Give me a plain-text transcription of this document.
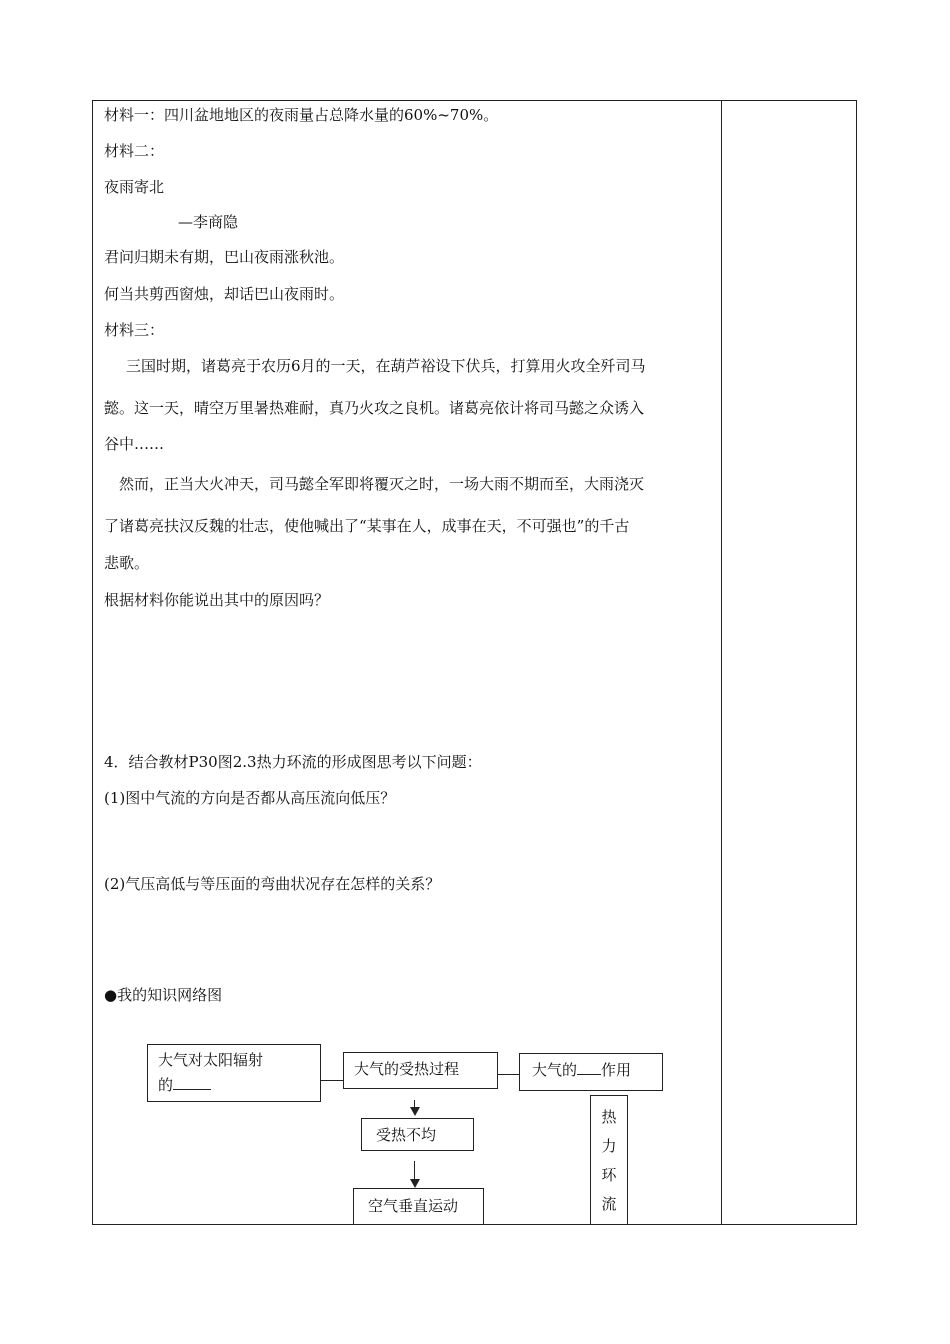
材料一：四川盆地地区的夜雨量占总降水量的60%~70%。
材料二：
夜雨寄北
—李商隐
君问归期未有期，巴山夜雨涨秋池。
何当共剪西窗烛，却话巴山夜雨时。
材料三：
三国时期，诸葛亮于农历6月的一天，在葫芦裕设下伏兵，打算用火攻全歼司马
懿。这一天，晴空万里暑热难耐，真乃火攻之良机。诸葛亮依计将司马懿之众诱入
谷中……
然而，正当大火冲天，司马懿全军即将覆灭之时，一场大雨不期而至，大雨浇灭
了诸葛亮扶汉反魏的壮志，使他喊出了“某事在人，成事在天，不可强也”的千古
悲歌。
根据材料你能说出其中的原因吗？
4．结合教材P30图2.3热力环流的形成图思考以下问题：
(1)图中气流的方向是否都从高压流向低压？
(2)气压高低与等压面的弯曲状况存在怎样的关系？
●我的知识网络图
大气对太阳辐射
的
大气的受热过程	大气的 作用
受热不均
空气垂直运动
热
力
环
流
